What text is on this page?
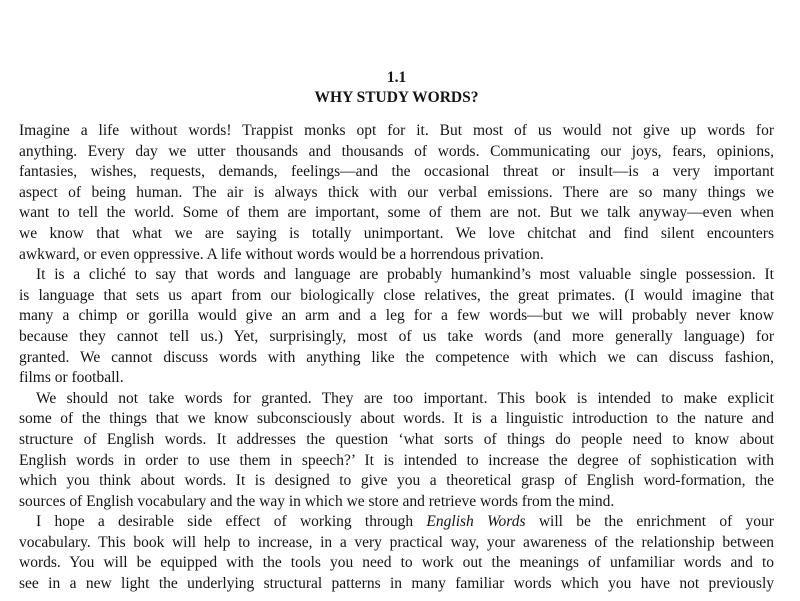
1.1
WHY STUDY WORDS?
Imagine a life without words! Trappist monks opt for it. But most of us would not give up words for
anything. Every day we utter thousands and thousands of words. Communicating our joys, fears, opinions,
fantasies, wishes, requests, demands, feelings—and the occasional threat or insult—is a very important
aspect of being human. The air is always thick with our verbal emissions. There are so many things we
want to tell the world. Some of them are important, some of them are not. But we talk anyway—even when
we know that what we are saying is totally unimportant. We love chitchat and find silent encounters
awkward, or even oppressive. A life without words would be a horrendous privation.
It is a cliché to say that words and language are probably humankind’s most valuable single possession. It
is language that sets us apart from our biologically close relatives, the great primates. (I would imagine that
many a chimp or gorilla would give an arm and a leg for a few words—but we will probably never know
because they cannot tell us.) Yet, surprisingly, most of us take words (and more generally language) for
granted. We cannot discuss words with anything like the competence with which we can discuss fashion,
films or football.
We should not take words for granted. They are too important. This book is intended to make explicit
some of the things that we know subconsciously about words. It is a linguistic introduction to the nature and
structure of English words. It addresses the question ‘what sorts of things do people need to know about
English words in order to use them in speech?’ It is intended to increase the degree of sophistication with
which you think about words. It is designed to give you a theoretical grasp of English word-formation, the
sources of English vocabulary and the way in which we store and retrieve words from the mind.
I hope a desirable side effect of working through English Words will be the enrichment of your
vocabulary. This book will help to increase, in a very practical way, your awareness of the relationship between
words. You will be equipped with the tools you need to work out the meanings of unfamiliar words and to
see in a new light the underlying structural patterns in many familiar words which you have not previously
